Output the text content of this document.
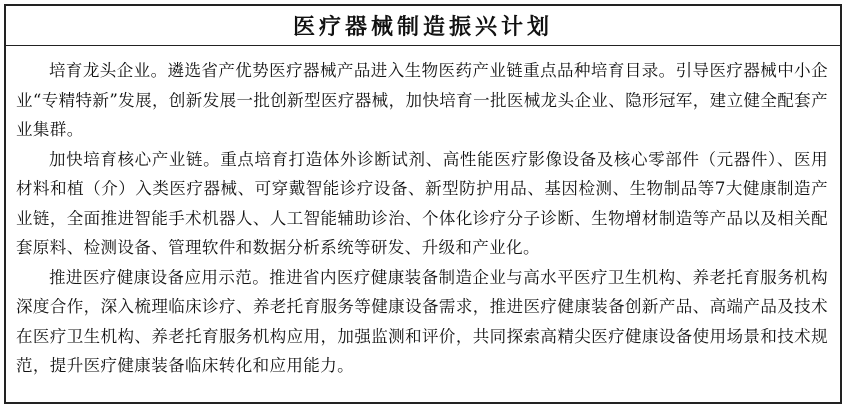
医疗器械制造振兴计划

培育龙头企业。遴选省产优势医疗器械产品进入生物医药产业链重点品种培育目录。引导医疗器械中小企业“专精特新”发展，创新发展一批创新型医疗器械，加快培育一批医械龙头企业、隐形冠军，建立健全配套产业集群。

加快培育核心产业链。重点培育打造体外诊断试剂、高性能医疗影像设备及核心零部件（元器件）、医用材料和植（介）入类医疗器械、可穿戴智能诊疗设备、新型防护用品、基因检测、生物制品等7大健康制造产业链，全面推进智能手术机器人、人工智能辅助诊治、个体化诊疗分子诊断、生物增材制造等产品以及相关配套原料、检测设备、管理软件和数据分析系统等研发、升级和产业化。

推进医疗健康设备应用示范。推进省内医疗健康装备制造企业与高水平医疗卫生机构、养老托育服务机构深度合作，深入梳理临床诊疗、养老托育服务等健康设备需求，推进医疗健康装备创新产品、高端产品及技术在医疗卫生机构、养老托育服务机构应用，加强监测和评价，共同探索高精尖医疗健康设备使用场景和技术规范，提升医疗健康装备临床转化和应用能力。
